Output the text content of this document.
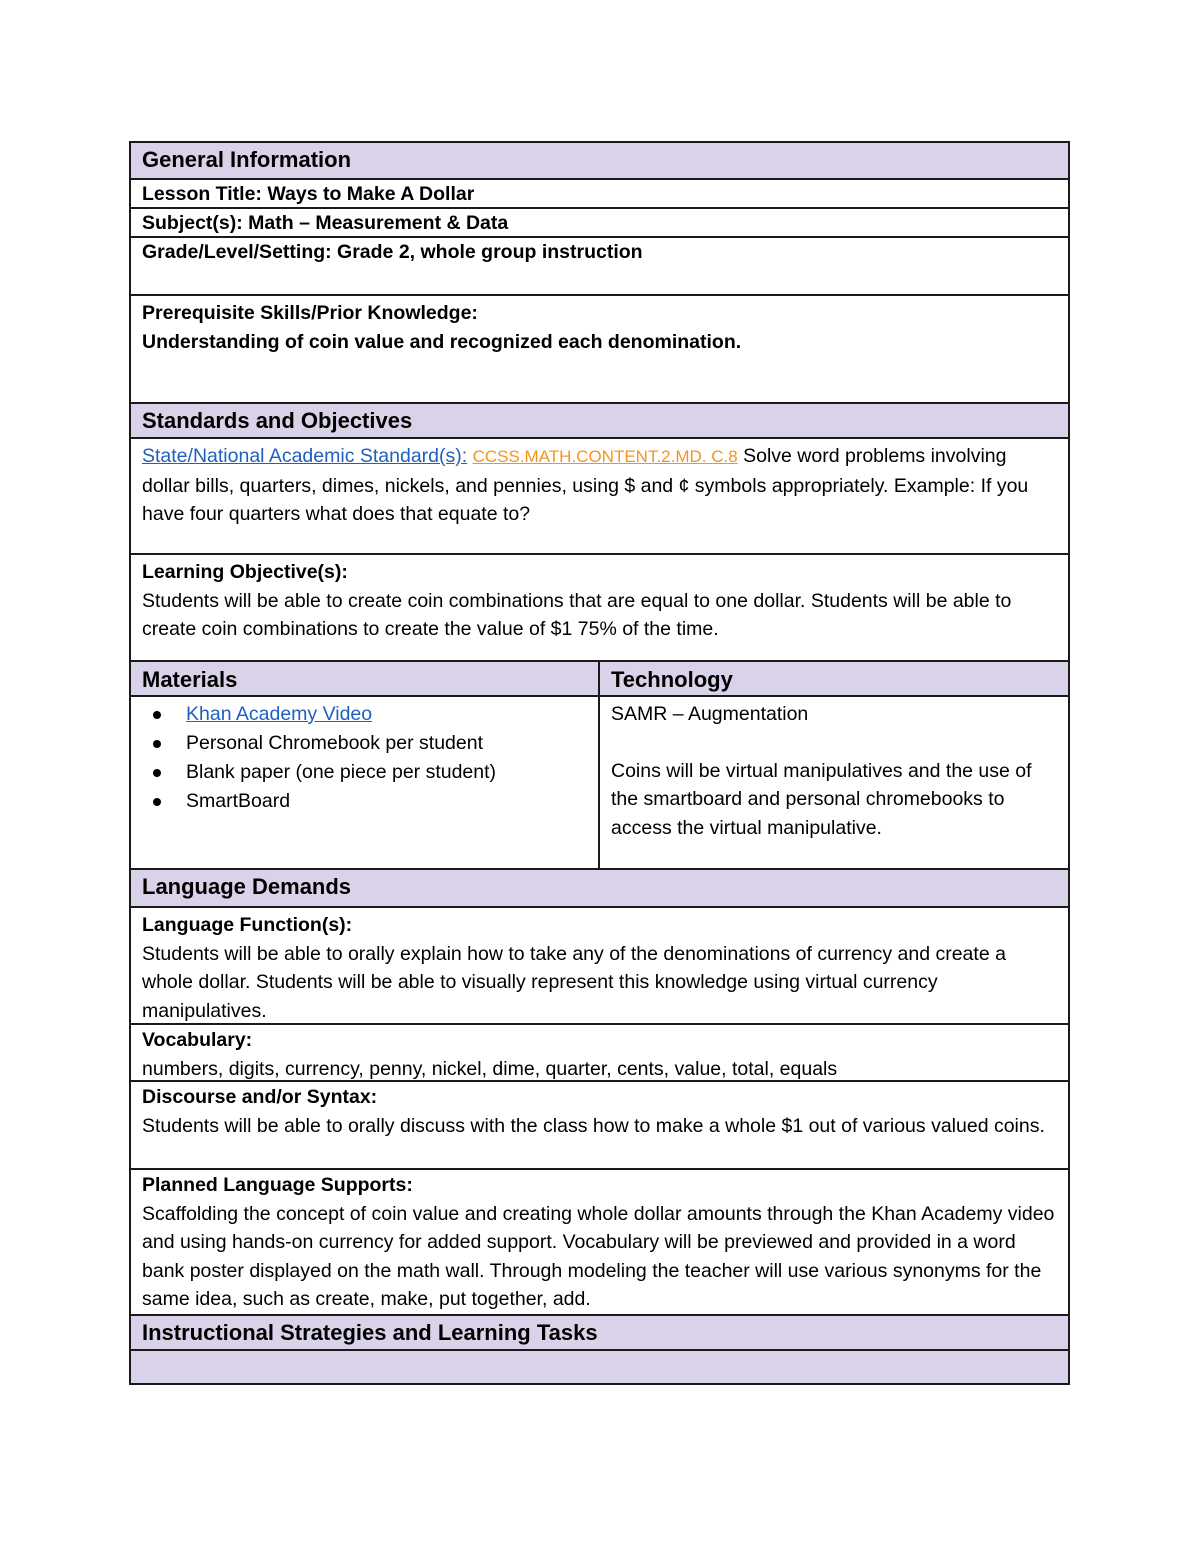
General Information
Lesson Title: Ways to Make A Dollar
Subject(s): Math – Measurement & Data
Grade/Level/Setting: Grade 2, whole group instruction
Prerequisite Skills/Prior Knowledge:
Understanding of coin value and recognized each denomination.
Standards and Objectives
State/National Academic Standard(s): CCSS.MATH.CONTENT.2.MD. C.8 Solve word problems involving dollar bills, quarters, dimes, nickels, and pennies, using $ and ¢ symbols appropriately. Example: If you have four quarters what does that equate to?
Learning Objective(s):
Students will be able to create coin combinations that are equal to one dollar. Students will be able to create coin combinations to create the value of $1 75% of the time.
Materials	Technology
Khan Academy Video
Personal Chromebook per student
Blank paper (one piece per student)
SmartBoard
SAMR – Augmentation
Coins will be virtual manipulatives and the use of the smartboard and personal chromebooks to access the virtual manipulative.
Language Demands
Language Function(s):
Students will be able to orally explain how to take any of the denominations of currency and create a whole dollar. Students will be able to visually represent this knowledge using virtual currency manipulatives.
Vocabulary:
numbers, digits, currency, penny, nickel, dime, quarter, cents, value, total, equals
Discourse and/or Syntax:
Students will be able to orally discuss with the class how to make a whole $1 out of various valued coins.
Planned Language Supports:
Scaffolding the concept of coin value and creating whole dollar amounts through the Khan Academy video and using hands-on currency for added support. Vocabulary will be previewed and provided in a word bank poster displayed on the math wall. Through modeling the teacher will use various synonyms for the same idea, such as create, make, put together, add.
Instructional Strategies and Learning Tasks
